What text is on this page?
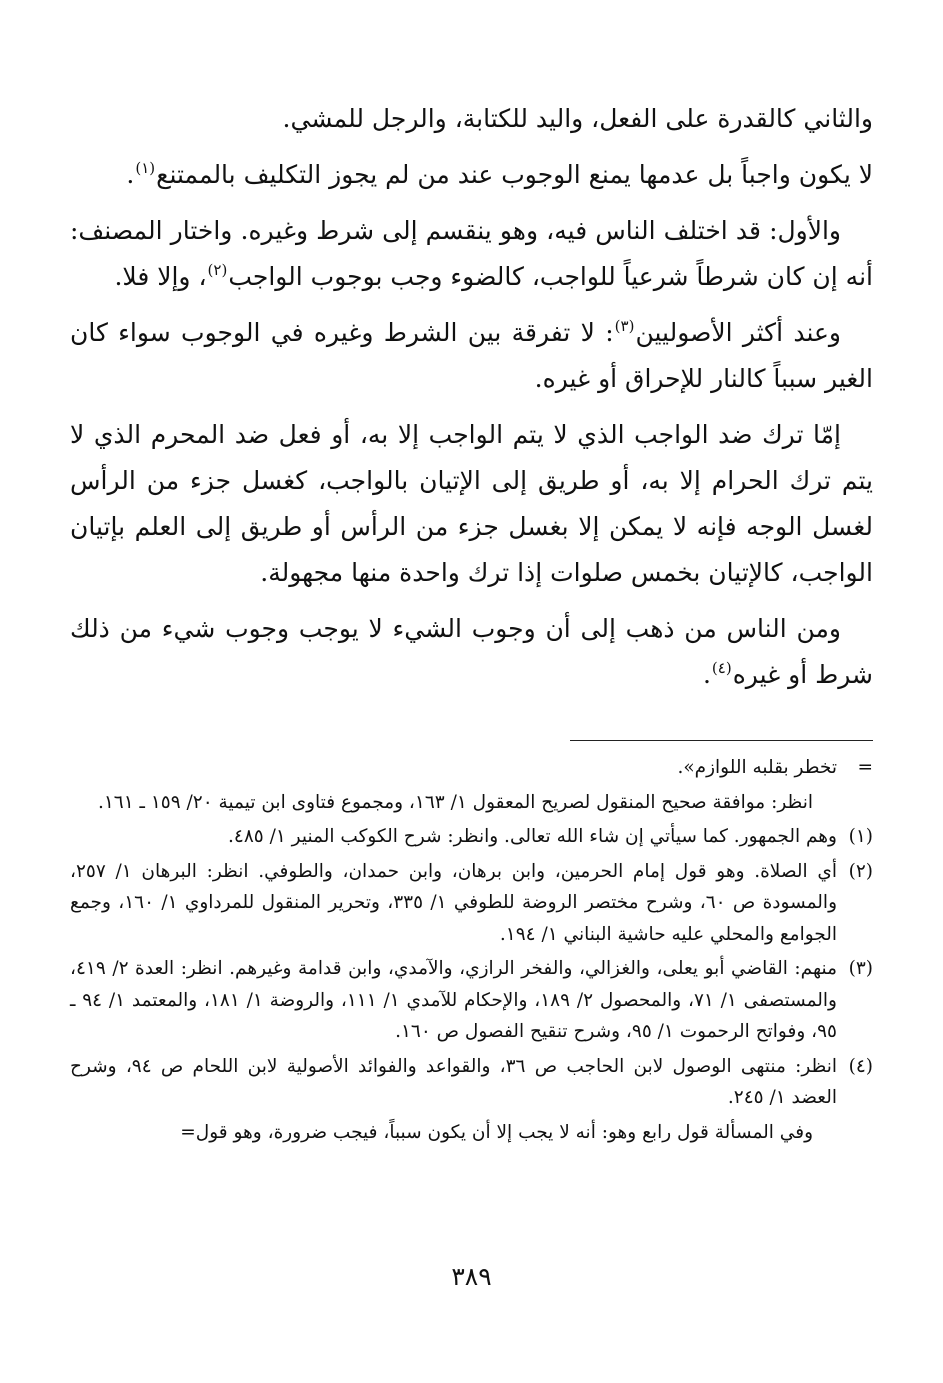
والثاني كالقدرة على الفعل، واليد للكتابة، والرجل للمشي.

لا يكون واجباً بل عدمها يمنع الوجوب عند من لم يجوز التكليف بالممتنع$^{(١)}$.

والأول: قد اختلف الناس فيه، وهو ينقسم إلى شرط وغيره. واختار المصنف: أنه إن كان شرطاً شرعياً للواجب، كالضوء وجب بوجوب الواجب$^{(٢)}$، وإلا فلا.

وعند أكثر الأصوليين$^{(٣)}$: لا تفرقة بين الشرط وغيره في الوجوب سواء كان الغير سبباً كالنار للإحراق أو غيره.

إمّا ترك ضد الواجب الذي لا يتم الواجب إلا به، أو فعل ضد المحرم الذي لا يتم ترك الحرام إلا به، أو طريق إلى الإتيان بالواجب، كغسل جزء من الرأس لغسل الوجه فإنه لا يمكن إلا بغسل جزء من الرأس أو طريق إلى العلم بإتيان الواجب، كالإتيان بخمس صلوات إذا ترك واحدة منها مجهولة.

ومن الناس من ذهب إلى أن وجوب الشيء لا يوجب وجوب شيء من ذلك شرط أو غيره$^{(٤)}$.

=
تخطر بقلبه اللوازم».
انظر: موافقة صحيح المنقول لصريح المعقول ١/ ١٦٣، ومجموع فتاوى ابن تيمية ٢٠/ ١٥٩ ـ ١٦١.
(١)
وهم الجمهور. كما سيأتي إن شاء الله تعالى. وانظر: شرح الكوكب المنير ١/ ٤٨٥.
(٢)
أي الصلاة. وهو قول إمام الحرمين، وابن برهان، وابن حمدان، والطوفي. انظر: البرهان ١/ ٢٥٧، والمسودة ص ٦٠، وشرح مختصر الروضة للطوفي ١/ ٣٣٥، وتحرير المنقول للمرداوي ١/ ١٦٠، وجمع الجوامع والمحلي عليه حاشية البناني ١/ ١٩٤.
(٣)
منهم: القاضي أبو يعلى، والغزالي، والفخر الرازي، والآمدي، وابن قدامة وغيرهم. انظر: العدة ٢/ ٤١٩، والمستصفى ١/ ٧١، والمحصول ٢/ ١٨٩، والإحكام للآمدي ١/ ١١١، والروضة ١/ ١٨١، والمعتمد ١/ ٩٤ ـ ٩٥، وفواتح الرحموت ١/ ٩٥، وشرح تنقيح الفصول ص ١٦٠.
(٤)
انظر: منتهى الوصول لابن الحاجب ص ٣٦، والقواعد والفوائد الأصولية لابن اللحام ص ٩٤، وشرح العضد ١/ ٢٤٥.
وفي المسألة قول رابع وهو: أنه لا يجب إلا أن يكون سبباً، فيجب ضرورة، وهو قول=
٣٨٩
